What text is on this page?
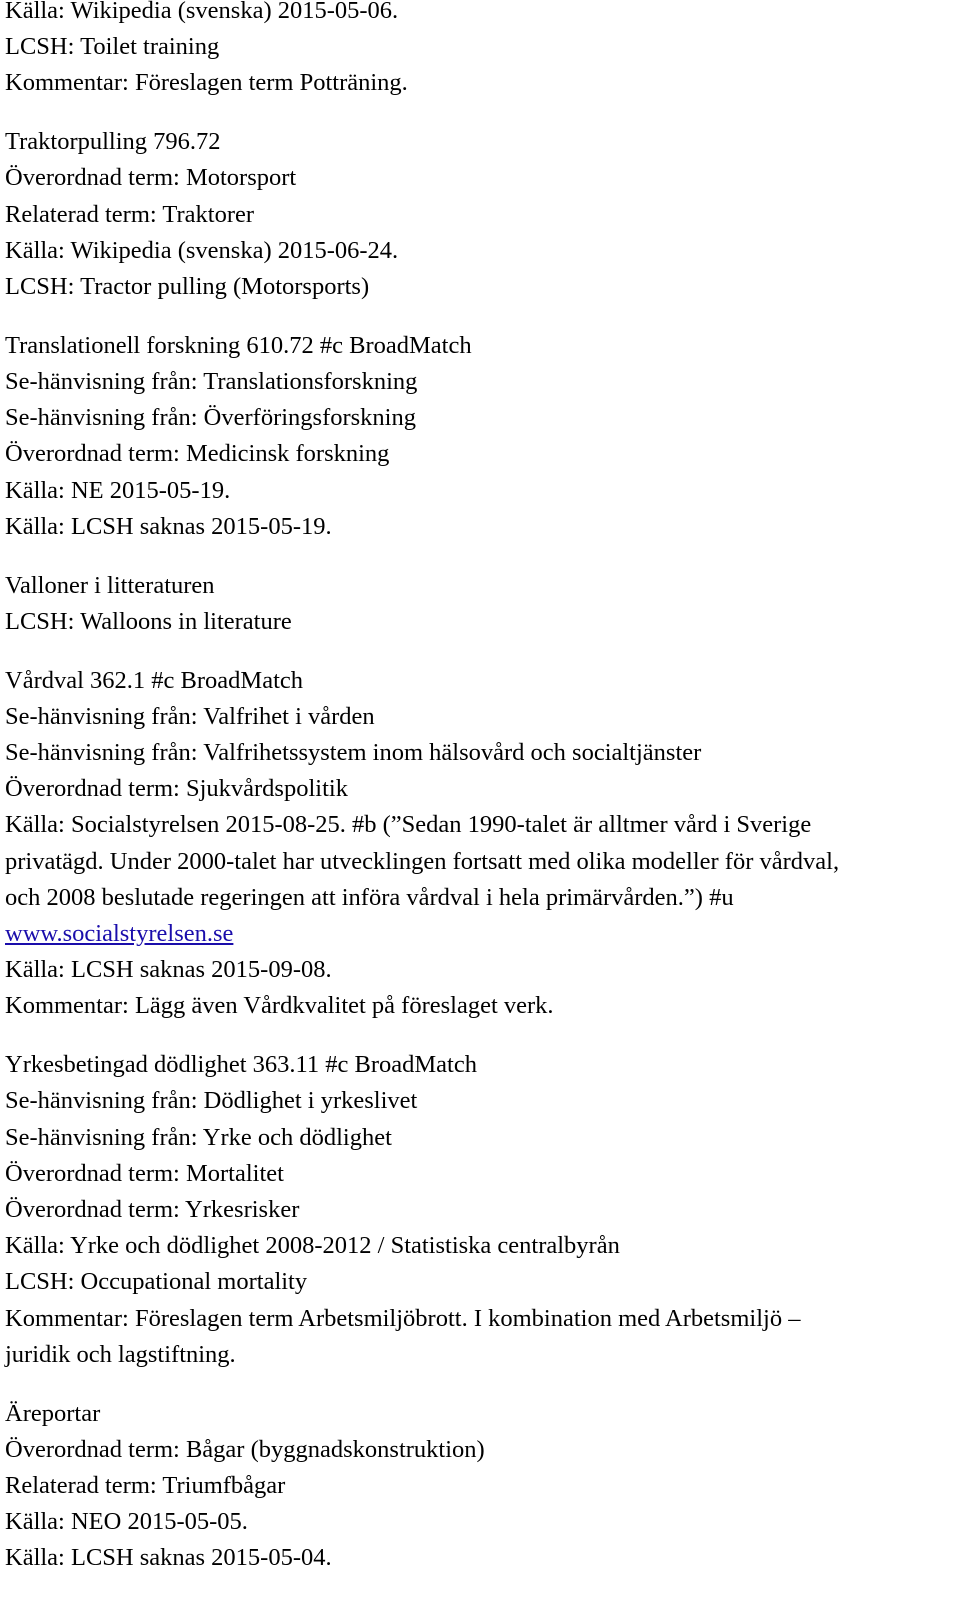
Källa: Wikipedia (svenska) 2015-05-06.
LCSH: Toilet training
Kommentar: Föreslagen term Potträning.
Traktorpulling 796.72
Överordnad term: Motorsport
Relaterad term: Traktorer
Källa: Wikipedia (svenska) 2015-06-24.
LCSH: Tractor pulling (Motorsports)
Translationell forskning 610.72 #c BroadMatch
Se-hänvisning från: Translationsforskning
Se-hänvisning från: Överföringsforskning
Överordnad term: Medicinsk forskning
Källa: NE 2015-05-19.
Källa: LCSH saknas 2015-05-19.
Valloner i litteraturen
LCSH: Walloons in literature
Vårdval 362.1 #c BroadMatch
Se-hänvisning från: Valfrihet i vården
Se-hänvisning från: Valfrihetssystem inom hälsovård och socialtjänster
Överordnad term: Sjukvårdspolitik
Källa: Socialstyrelsen 2015-08-25. #b (”Sedan 1990-talet är alltmer vård i Sverige
privatägd. Under 2000-talet har utvecklingen fortsatt med olika modeller för vårdval,
och 2008 beslutade regeringen att införa vårdval i hela primärvården.”) #u
www.socialstyrelsen.se
Källa: LCSH saknas 2015-09-08.
Kommentar: Lägg även Vårdkvalitet på föreslaget verk.
Yrkesbetingad dödlighet 363.11 #c BroadMatch
Se-hänvisning från: Dödlighet i yrkeslivet
Se-hänvisning från: Yrke och dödlighet
Överordnad term: Mortalitet
Överordnad term: Yrkesrisker
Källa: Yrke och dödlighet 2008-2012 / Statistiska centralbyrån
LCSH: Occupational mortality
Kommentar: Föreslagen term Arbetsmiljöbrott. I kombination med Arbetsmiljö –
juridik och lagstiftning.
Äreportar
Överordnad term: Bågar (byggnadskonstruktion)
Relaterad term: Triumfbågar
Källa: NEO 2015-05-05.
Källa: LCSH saknas 2015-05-04.
